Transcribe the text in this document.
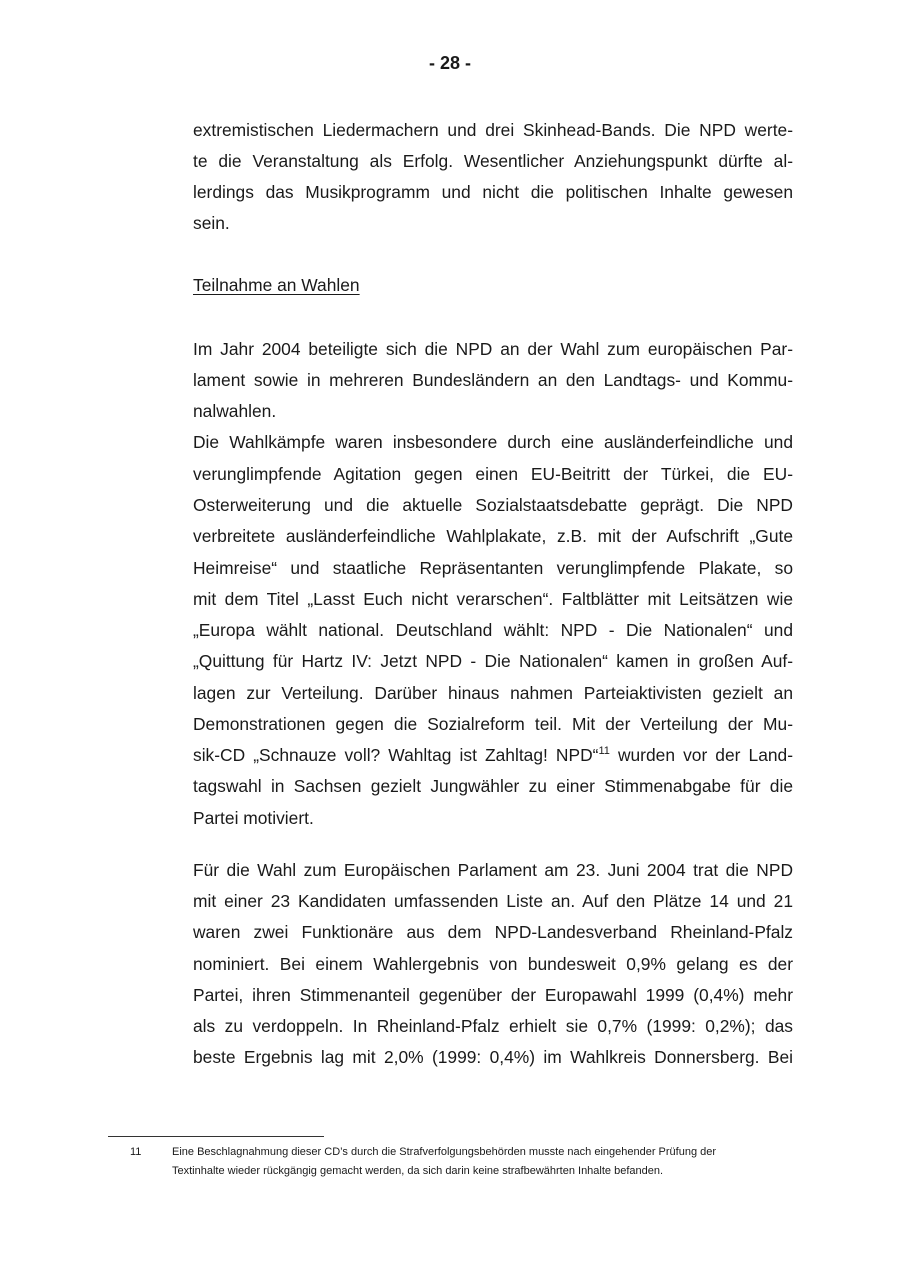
- 28 -
extremistischen Liedermachern und drei Skinhead-Bands. Die NPD werte-
te die Veranstaltung als Erfolg. Wesentlicher Anziehungspunkt dürfte al-
lerdings das Musikprogramm und nicht die politischen Inhalte gewesen
sein.
Teilnahme an Wahlen
Im Jahr 2004 beteiligte sich die NPD an der Wahl zum europäischen Par-
lament sowie in mehreren Bundesländern an den Landtags- und Kommu-
nalwahlen.
Die Wahlkämpfe waren insbesondere durch eine ausländerfeindliche und
verunglimpfende Agitation gegen einen EU-Beitritt der Türkei, die EU-
Osterweiterung und die aktuelle Sozialstaatsdebatte geprägt. Die NPD
verbreitete ausländerfeindliche Wahlplakate, z.B. mit der Aufschrift „Gute
Heimreise“ und staatliche Repräsentanten verunglimpfende Plakate, so
mit dem Titel „Lasst Euch nicht verarschen“. Faltblätter mit Leitsätzen wie
„Europa wählt national. Deutschland wählt: NPD - Die Nationalen“ und
„Quittung für Hartz IV: Jetzt NPD - Die Nationalen“ kamen in großen Auf-
lagen zur Verteilung. Darüber hinaus nahmen Parteiaktivisten gezielt an
Demonstrationen gegen die Sozialreform teil. Mit der Verteilung der Mu-
sik-CD „Schnauze voll? Wahltag ist Zahltag! NPD“$^{11}$ wurden vor der Land-
tagswahl in Sachsen gezielt Jungwähler zu einer Stimmenabgabe für die
Partei motiviert.
Für die Wahl zum Europäischen Parlament am 23. Juni 2004 trat die NPD
mit einer 23 Kandidaten umfassenden Liste an. Auf den Plätze 14 und 21
waren zwei Funktionäre aus dem NPD-Landesverband Rheinland-Pfalz
nominiert. Bei einem Wahlergebnis von bundesweit 0,9% gelang es der
Partei, ihren Stimmenanteil gegenüber der Europawahl 1999 (0,4%) mehr
als zu verdoppeln. In Rheinland-Pfalz erhielt sie 0,7% (1999: 0,2%); das
beste Ergebnis lag mit 2,0% (1999: 0,4%) im Wahlkreis Donnersberg. Bei
11	Eine Beschlagnahmung dieser CD’s durch die Strafverfolgungsbehörden musste nach eingehender Prüfung der
Textinhalte wieder rückgängig gemacht werden, da sich darin keine strafbewährten Inhalte befanden.
